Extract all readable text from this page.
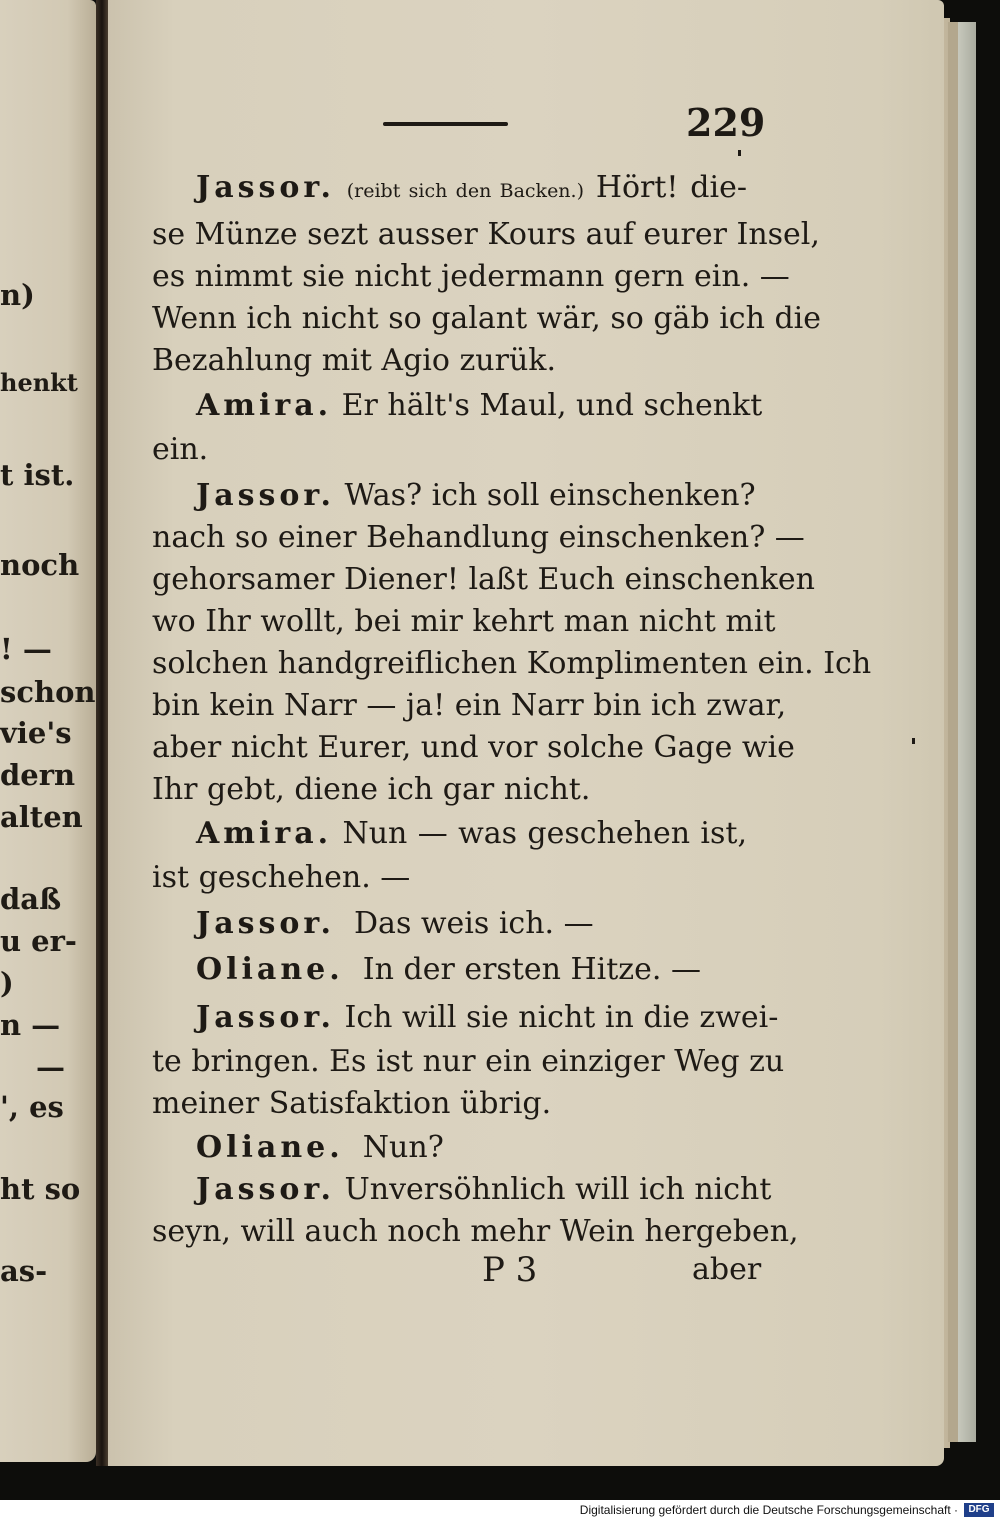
n)
henkt
t ist.
noch
! —
schon
vie's
dern
alten
daß
u er-
)
n —
—
', es
ht so
as-
229
Jassor. (reibt sich den Backen.) Hört! die-
se Münze sezt ausser Kours auf eurer Insel,
es nimmt sie nicht jedermann gern ein. —
Wenn ich nicht so galant wär, so gäb ich die
Bezahlung mit Agio zurük.
Amira. Er hält's Maul, und schenkt
ein.
Jassor. Was? ich soll einschenken?
nach so einer Behandlung einschenken? —
gehorsamer Diener! laßt Euch einschenken
wo Ihr wollt, bei mir kehrt man nicht mit
solchen handgreiflichen Komplimenten ein. Ich
bin kein Narr — ja! ein Narr bin ich zwar,
aber nicht Eurer, und vor solche Gage wie
Ihr gebt, diene ich gar nicht.
Amira. Nun — was geschehen ist,
ist geschehen. —
Jassor. Das weis ich. —
Oliane. In der ersten Hitze. —
Jassor. Ich will sie nicht in die zwei-
te bringen. Es ist nur ein einziger Weg zu
meiner Satisfaktion übrig.
Oliane. Nun?
Jassor. Unversöhnlich will ich nicht
seyn, will auch noch mehr Wein hergeben,
P 3	aber
Digitalisierung gefördert durch die Deutsche Forschungsgemeinschaft ·	DFG
